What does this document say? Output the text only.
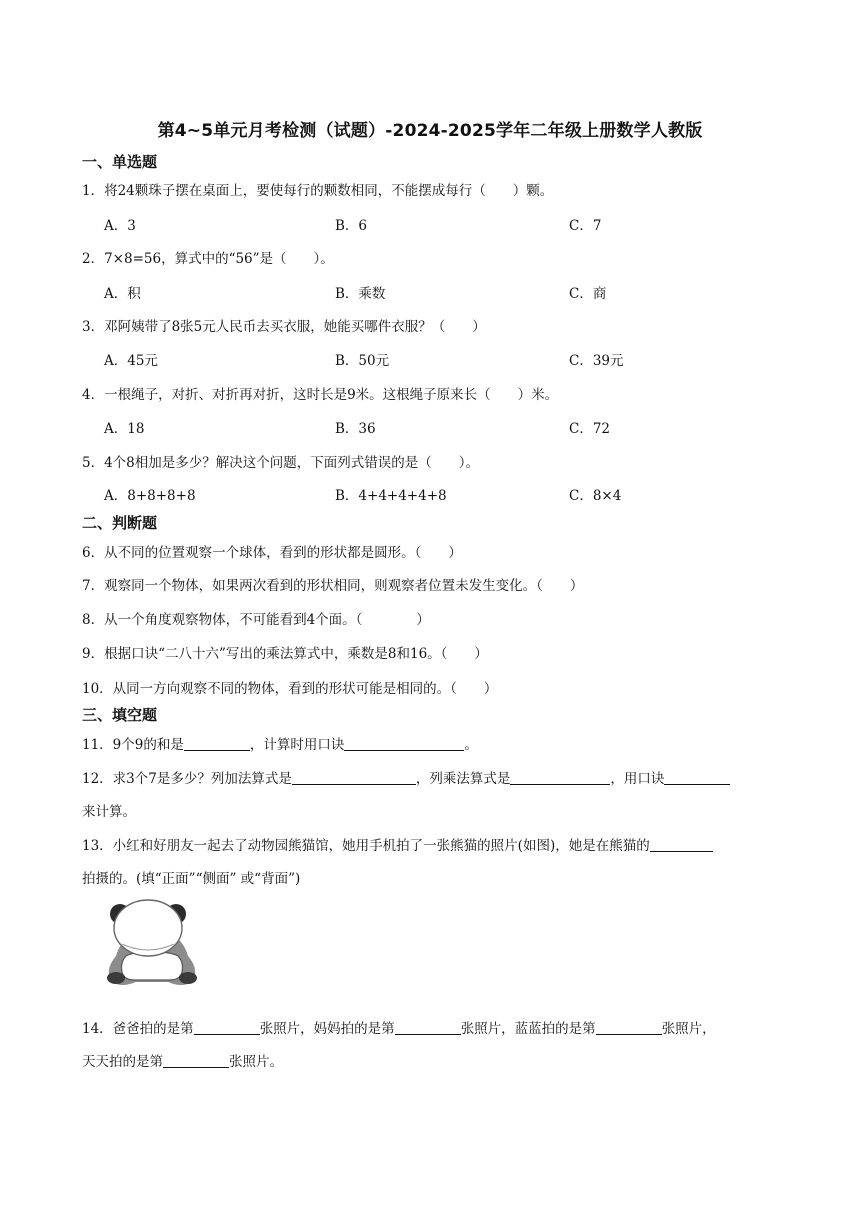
第4~5单元月考检测（试题）-2024-2025学年二年级上册数学人教版
一、单选题
1．将24颗珠子摆在桌面上，要使每行的颗数相同，不能摆成每行（　　）颗。
A．3	B．6	C．7
2．7×8=56，算式中的“56”是（　　）。
A．积	B．乘数	C．商
3．邓阿姨带了8张5元人民币去买衣服，她能买哪件衣服？（　　）
A．45元	B．50元	C．39元
4．一根绳子，对折、对折再对折，这时长是9米。这根绳子原来长（　　）米。
A．18	B．36	C．72
5．4个8相加是多少？解决这个问题，下面列式错误的是（　　）。
A．8+8+8+8	B．4+4+4+4+8	C．8×4
二、判断题
6．从不同的位置观察一个球体，看到的形状都是圆形。（　　）
7．观察同一个物体，如果两次看到的形状相同，则观察者位置未发生变化。（　　）
8．从一个角度观察物体，不可能看到4个面。（　　　　）
9．根据口诀“二八十六”写出的乘法算式中，乘数是8和16。（　　）
10．从同一方向观察不同的物体，看到的形状可能是相同的。（　　）
三、填空题
11．9个9的和是	，计算时用口诀	。
12．求3个7是多少？列加法算式是	，列乘法算式是	，用口诀
来计算。
13．小红和好朋友一起去了动物园熊猫馆，她用手机拍了一张熊猫的照片(如图)，她是在熊猫的
拍摄的。(填“正面”“侧面” 或“背面”)
14．爸爸拍的是第	张照片，妈妈拍的是第	张照片，蓝蓝拍的是第	张照片，
天天拍的是第	张照片。
